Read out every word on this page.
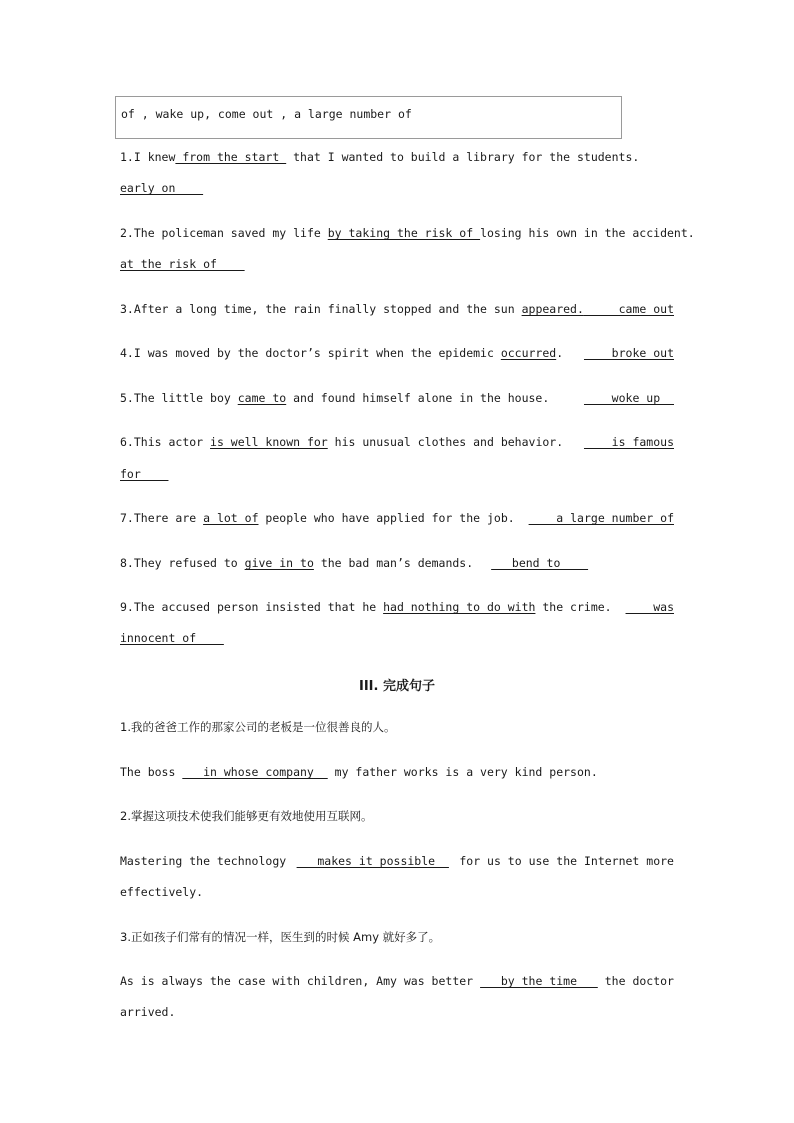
of , wake up, come out , a large number of
1.I knew from the start  that I wanted to build a library for the students.
early on
2.The policeman saved my life by taking the risk of losing his own in the accident.
at the risk of
3.After a long time, the rain finally stopped and the sun appeared. came out
4.I was moved by the doctor’s spirit when the epidemic occurred. broke out
5.The little boy came to and found himself alone in the house.	woke up
6.This actor is well known for his unusual clothes and behavior. is famous
for
7.There are a lot of people who have applied for the job. a large number of
8.They refused to give in to the bad man’s demands.   bend to
9.The accused person insisted that he had nothing to do with the crime. was
innocent of
III. 完成句子
1.我的爸爸工作的那家公司的老板是一位很善良的人。
The boss    in whose company   my father works is a very kind person.
2.掌握这项技术使我们能够更有效地使用互联网。
Mastering the technology makes it possible for us to use the Internet more
effectively.
3.正如孩子们常有的情况一样，医生到的时候 Amy 就好多了。
As is always the case with children, Amy was better by the time the doctor
arrived.
